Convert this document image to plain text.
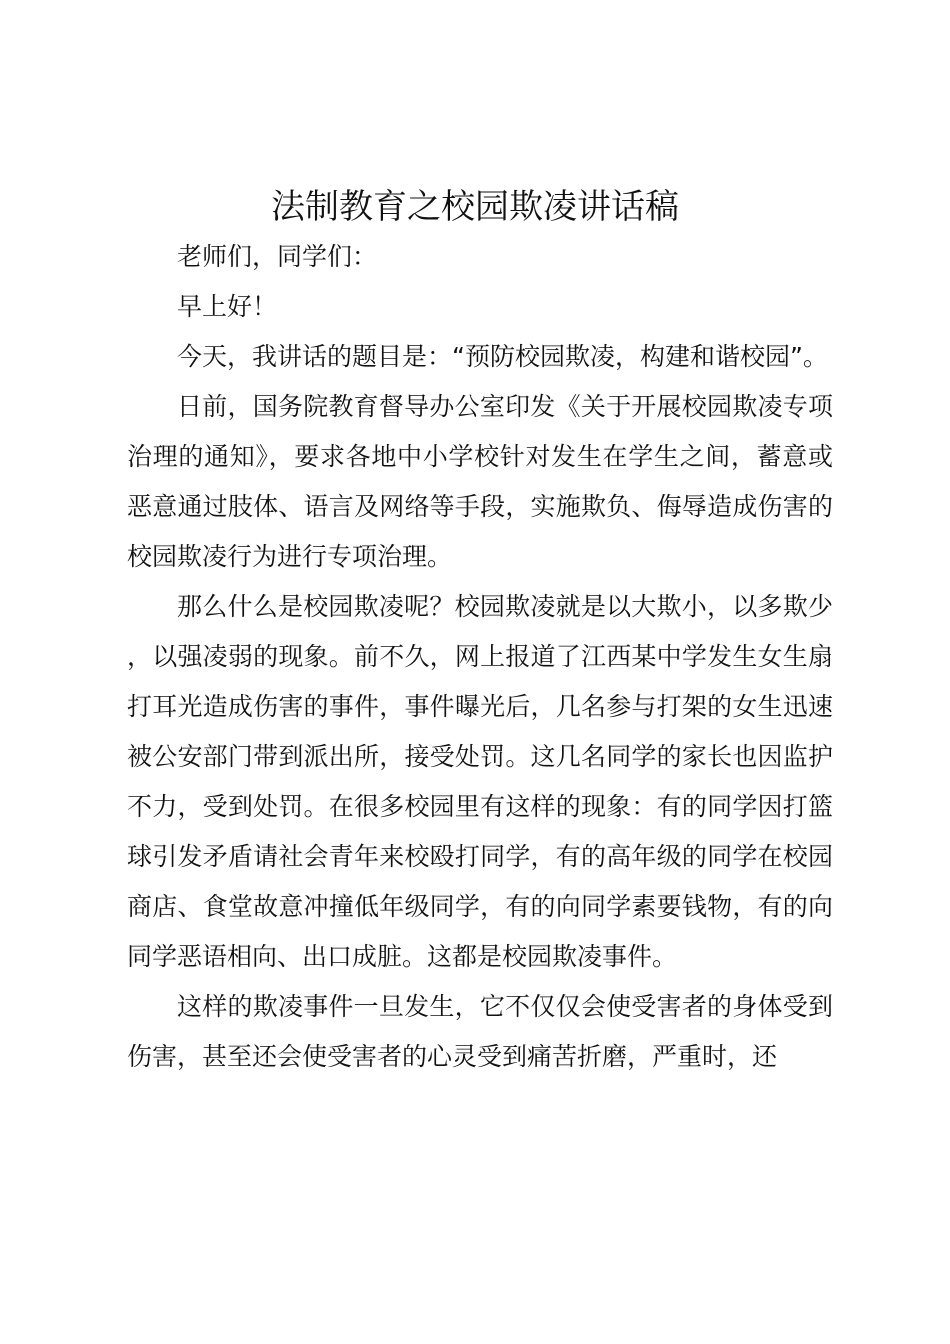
法制教育之校园欺凌讲话稿

老师们，同学们：

早上好！

今天，我讲话的题目是：“预防校园欺凌，构建和谐校园”。

日前，国务院教育督导办公室印发《关于开展校园欺凌专项治理的通知》，要求各地中小学校针对发生在学生之间，蓄意或恶意通过肢体、语言及网络等手段，实施欺负、侮辱造成伤害的校园欺凌行为进行专项治理。

那么什么是校园欺凌呢？校园欺凌就是以大欺小，以多欺少，以强凌弱的现象。前不久，网上报道了江西某中学发生女生扇打耳光造成伤害的事件，事件曝光后，几名参与打架的女生迅速被公安部门带到派出所，接受处罚。这几名同学的家长也因监护不力，受到处罚。在很多校园里有这样的现象：有的同学因打篮球引发矛盾请社会青年来校殴打同学，有的高年级的同学在校园商店、食堂故意冲撞低年级同学，有的向同学素要钱物，有的向同学恶语相向、出口成脏。这都是校园欺凌事件。

这样的欺凌事件一旦发生，它不仅仅会使受害者的身体受到伤害，甚至还会使受害者的心灵受到痛苦折磨，严重时，还
